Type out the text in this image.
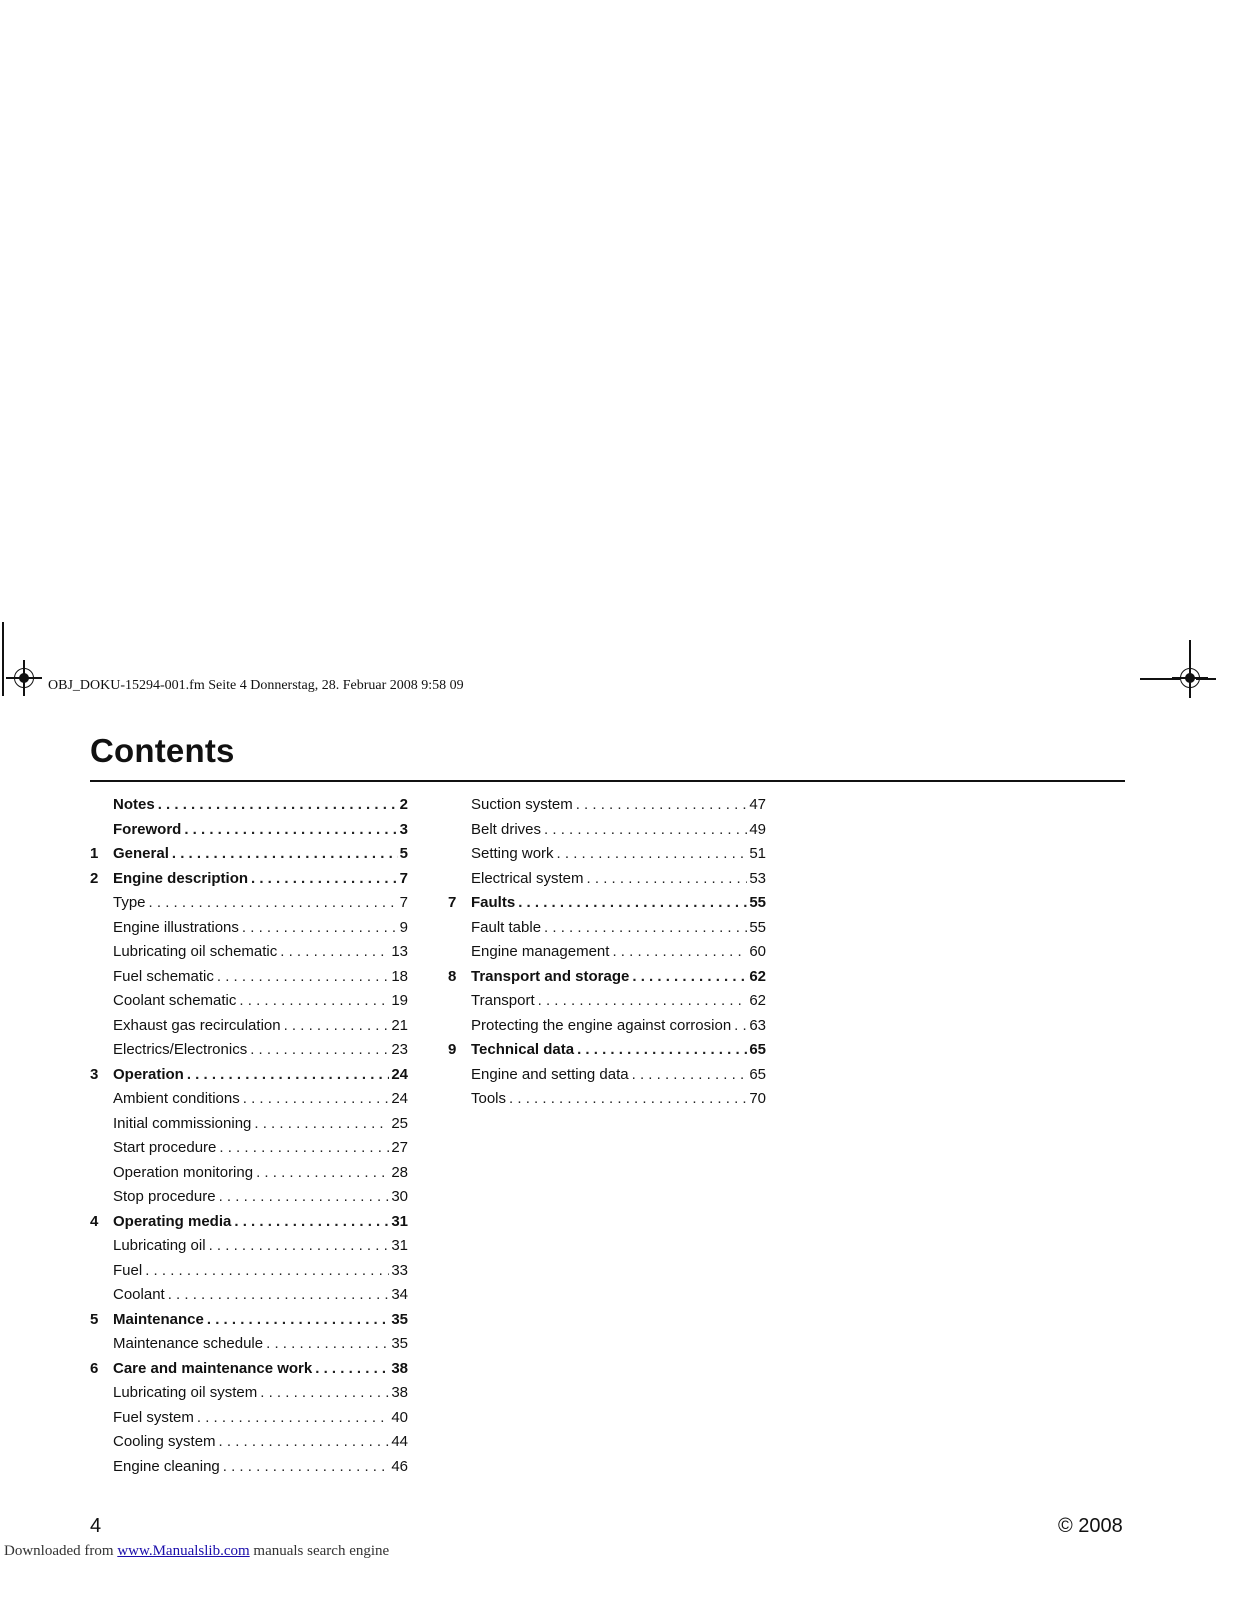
OBJ_DOKU-15294-001.fm Seite 4 Donnerstag, 28. Februar 2008 9:58 09
Contents
Notes . . .	2
Foreword . . .	3
1 General . . .	5
2 Engine description . . .	7
Type . . .	7
Engine illustrations . . .	9
Lubricating oil schematic . . .	13
Fuel schematic . . .	18
Coolant schematic . . .	19
Exhaust gas recirculation . . .	21
Electrics/Electronics . . .	23
3 Operation . . .	24
Ambient conditions . . .	24
Initial commissioning . . .	25
Start procedure . . .	27
Operation monitoring . . .	28
Stop procedure . . .	30
4 Operating media . . .	31
Lubricating oil . . .	31
Fuel . . .	33
Coolant . . .	34
5 Maintenance . . .	35
Maintenance schedule . . .	35
6 Care and maintenance work . . .	38
Lubricating oil system . . .	38
Fuel system . . .	40
Cooling system . . .	44
Engine cleaning . . .	46
Suction system . . .	47
Belt drives . . .	49
Setting work . . .	51
Electrical system . . .	53
7 Faults . . .	55
Fault table . . .	55
Engine management . . .	60
8 Transport and storage . . .	62
Transport . . .	62
Protecting the engine against corrosion . . . 63
9 Technical data . . .	65
Engine and setting data . . .	65
Tools . . .	70
4	© 2008
Downloaded from www.Manualslib.com manuals search engine
